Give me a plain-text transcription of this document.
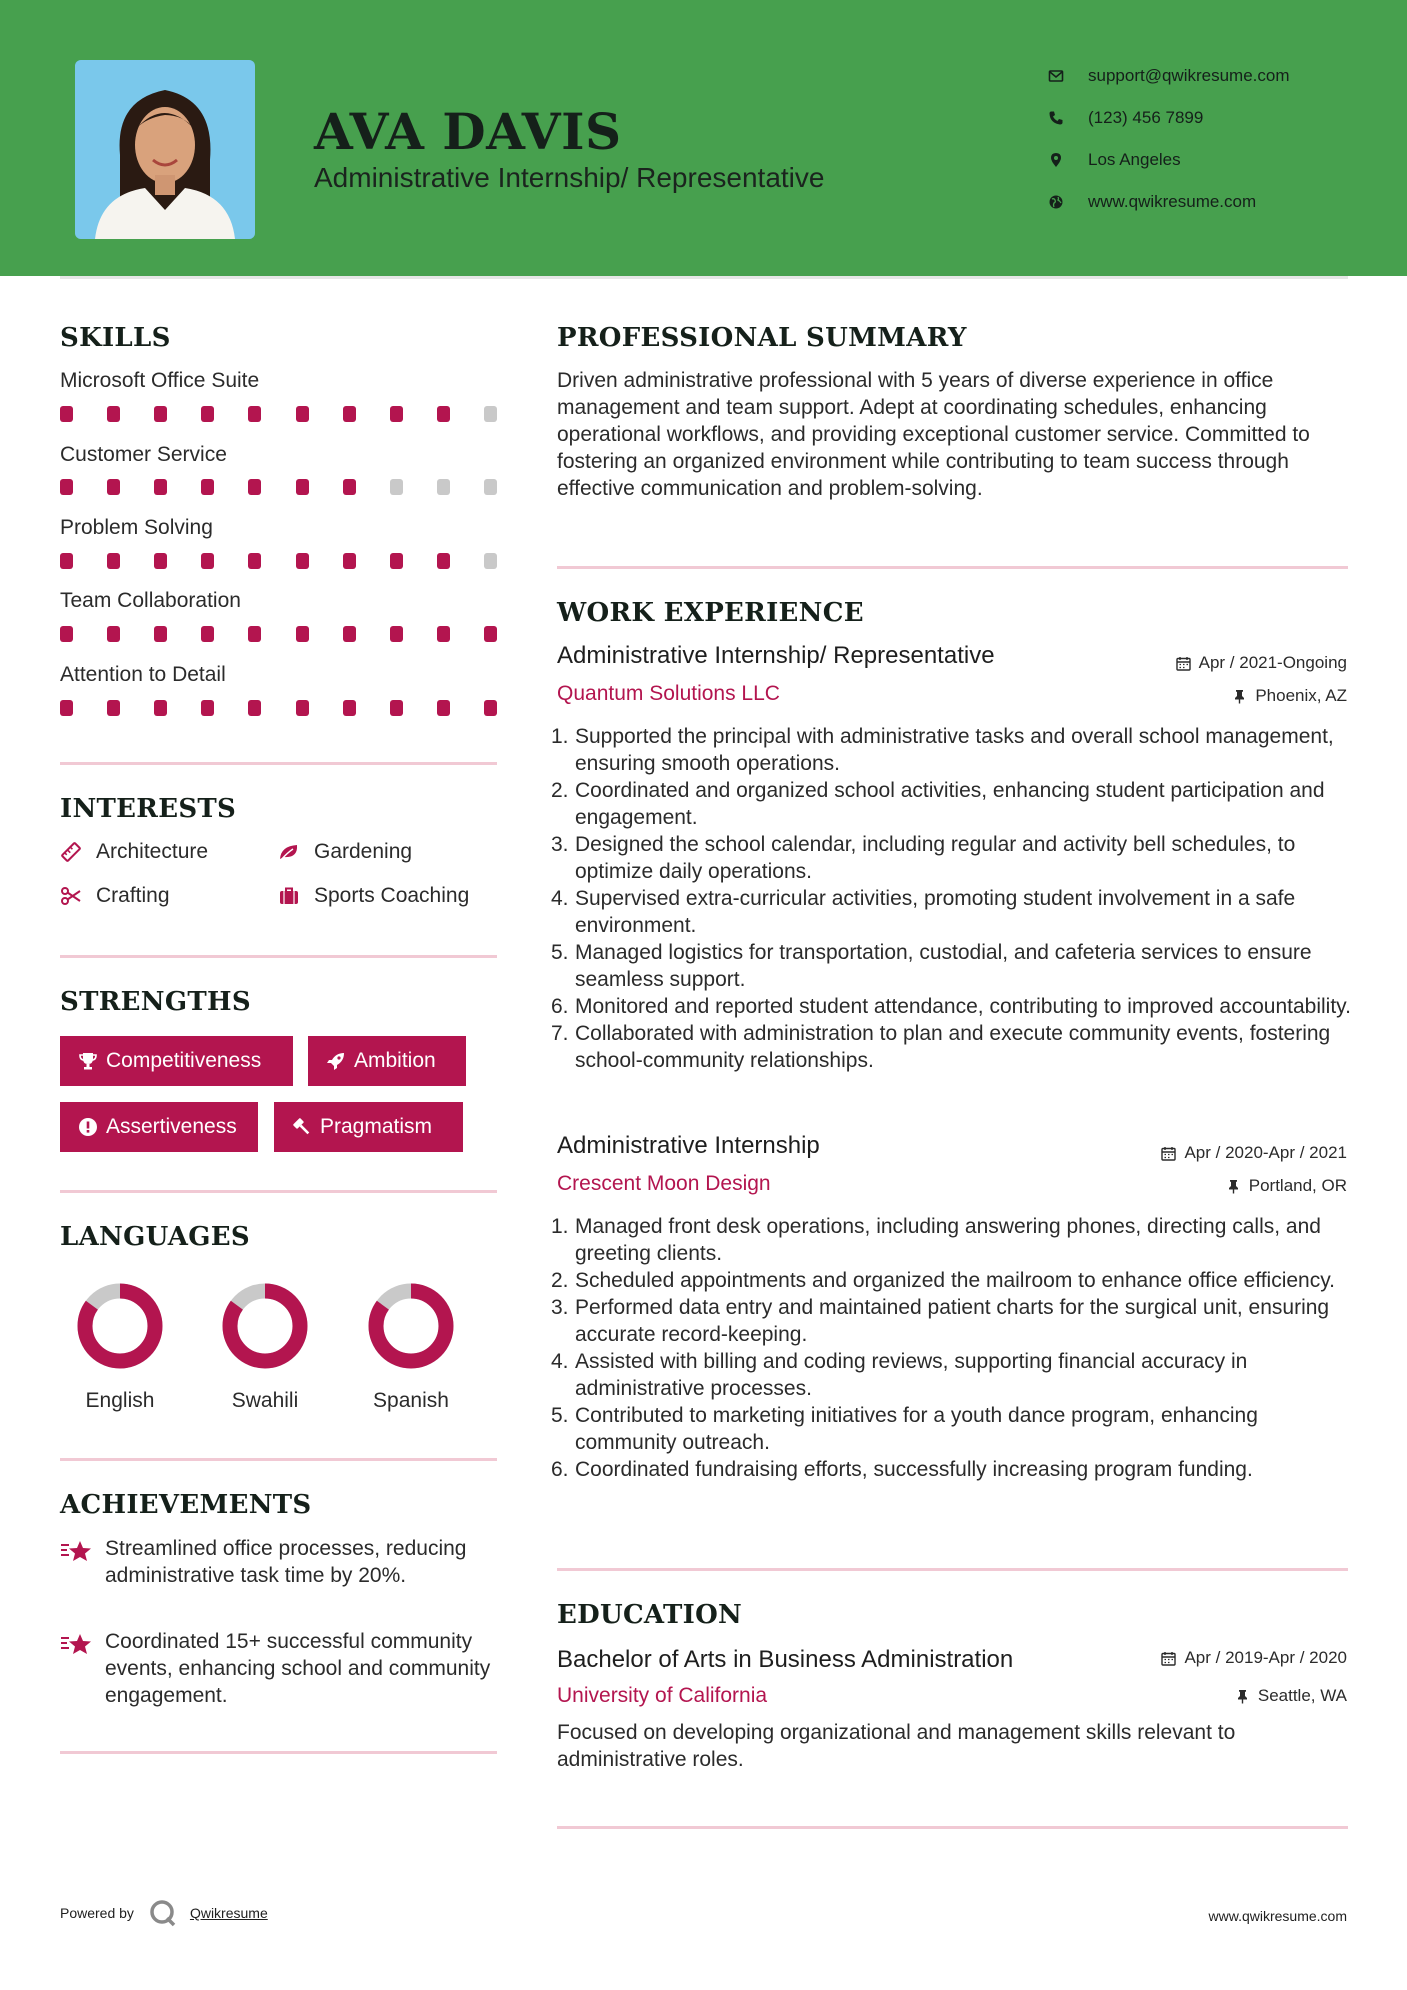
AVA DAVIS
Administrative Internship/ Representative
support@qwikresume.com
(123) 456 7899
Los Angeles
www.qwikresume.com
SKILLS
Microsoft Office Suite
Customer Service
Problem Solving
Team Collaboration
Attention to Detail
INTERESTS
Architecture	Gardening
Crafting	Sports Coaching
STRENGTHS
Competitiveness	Ambition
Assertiveness	Pragmatism
LANGUAGES
English	Swahili	Spanish
ACHIEVEMENTS
Streamlined office processes, reducing administrative task time by 20%.
Coordinated 15+ successful community events, enhancing school and community engagement.
PROFESSIONAL SUMMARY
Driven administrative professional with 5 years of diverse experience in office management and team support. Adept at coordinating schedules, enhancing operational workflows, and providing exceptional customer service. Committed to fostering an organized environment while contributing to team success through effective communication and problem-solving.
WORK EXPERIENCE
Administrative Internship/ Representative	Apr / 2021-Ongoing
Quantum Solutions LLC	Phoenix, AZ
1. Supported the principal with administrative tasks and overall school management, ensuring smooth operations.
2. Coordinated and organized school activities, enhancing student participation and engagement.
3. Designed the school calendar, including regular and activity bell schedules, to optimize daily operations.
4. Supervised extra-curricular activities, promoting student involvement in a safe environment.
5. Managed logistics for transportation, custodial, and cafeteria services to ensure seamless support.
6. Monitored and reported student attendance, contributing to improved accountability.
7. Collaborated with administration to plan and execute community events, fostering school-community relationships.
Administrative Internship	Apr / 2020-Apr / 2021
Crescent Moon Design	Portland, OR
1. Managed front desk operations, including answering phones, directing calls, and greeting clients.
2. Scheduled appointments and organized the mailroom to enhance office efficiency.
3. Performed data entry and maintained patient charts for the surgical unit, ensuring accurate record-keeping.
4. Assisted with billing and coding reviews, supporting financial accuracy in administrative processes.
5. Contributed to marketing initiatives for a youth dance program, enhancing community outreach.
6. Coordinated fundraising efforts, successfully increasing program funding.
EDUCATION
Bachelor of Arts in Business Administration	Apr / 2019-Apr / 2020
University of California	Seattle, WA
Focused on developing organizational and management skills relevant to administrative roles.
Powered by	Qwikresume	www.qwikresume.com
